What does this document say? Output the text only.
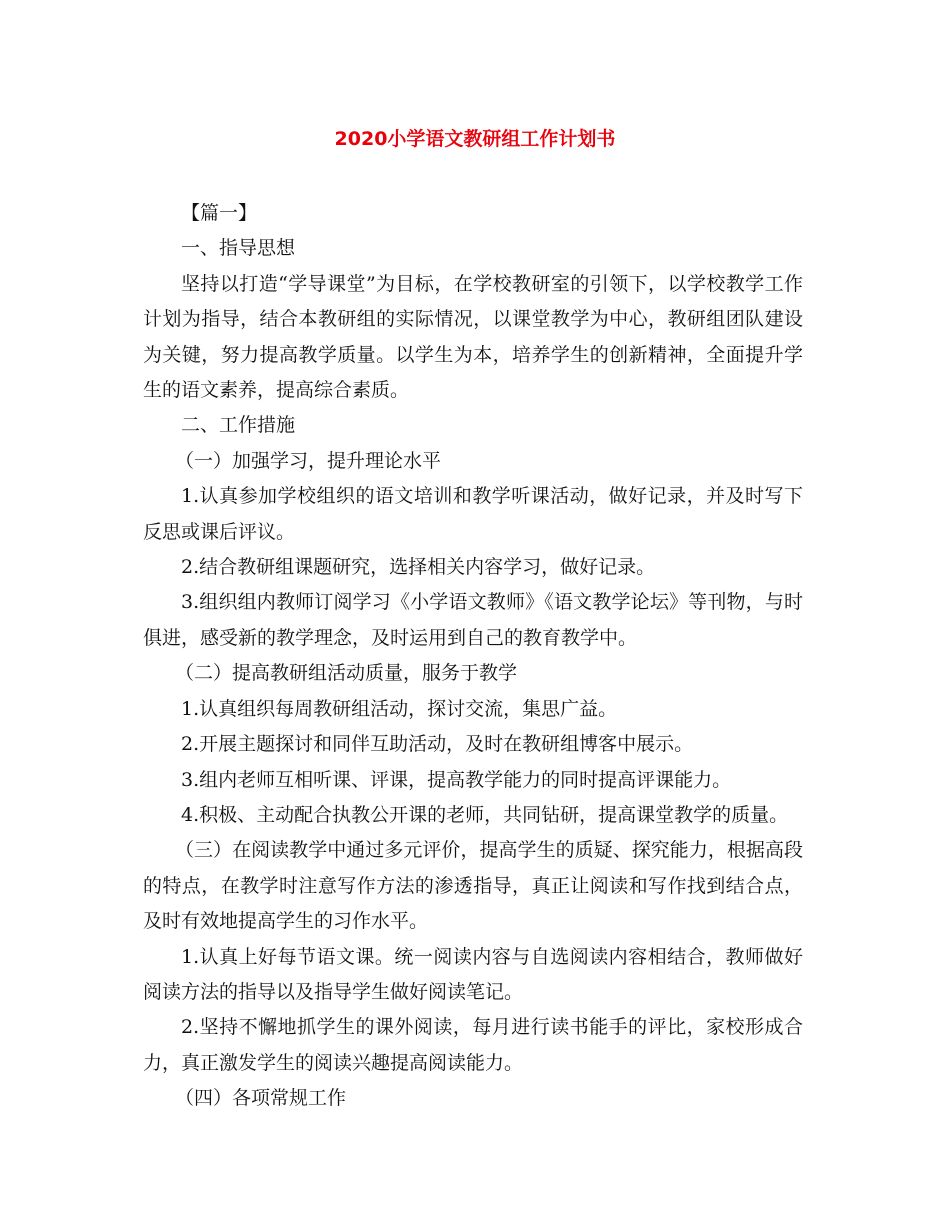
2020小学语文教研组工作计划书

【篇一】

一、指导思想

坚持以打造“学导课堂”为目标，在学校教研室的引领下，以学校教学工作计划为指导，结合本教研组的实际情况，以课堂教学为中心，教研组团队建设为关键，努力提高教学质量。以学生为本，培养学生的创新精神，全面提升学生的语文素养，提高综合素质。

二、工作措施

（一）加强学习，提升理论水平

1.认真参加学校组织的语文培训和教学听课活动，做好记录，并及时写下反思或课后评议。

2.结合教研组课题研究，选择相关内容学习，做好记录。

3.组织组内教师订阅学习《小学语文教师》《语文教学论坛》等刊物，与时俱进，感受新的教学理念，及时运用到自己的教育教学中。

（二）提高教研组活动质量，服务于教学

1.认真组织每周教研组活动，探讨交流，集思广益。

2.开展主题探讨和同伴互助活动，及时在教研组博客中展示。

3.组内老师互相听课、评课，提高教学能力的同时提高评课能力。

4.积极、主动配合执教公开课的老师，共同钻研，提高课堂教学的质量。

（三）在阅读教学中通过多元评价，提高学生的质疑、探究能力，根据高段的特点，在教学时注意写作方法的渗透指导，真正让阅读和写作找到结合点，及时有效地提高学生的习作水平。

1.认真上好每节语文课。统一阅读内容与自选阅读内容相结合，教师做好阅读方法的指导以及指导学生做好阅读笔记。

2.坚持不懈地抓学生的课外阅读，每月进行读书能手的评比，家校形成合力，真正激发学生的阅读兴趣提高阅读能力。

（四）各项常规工作
